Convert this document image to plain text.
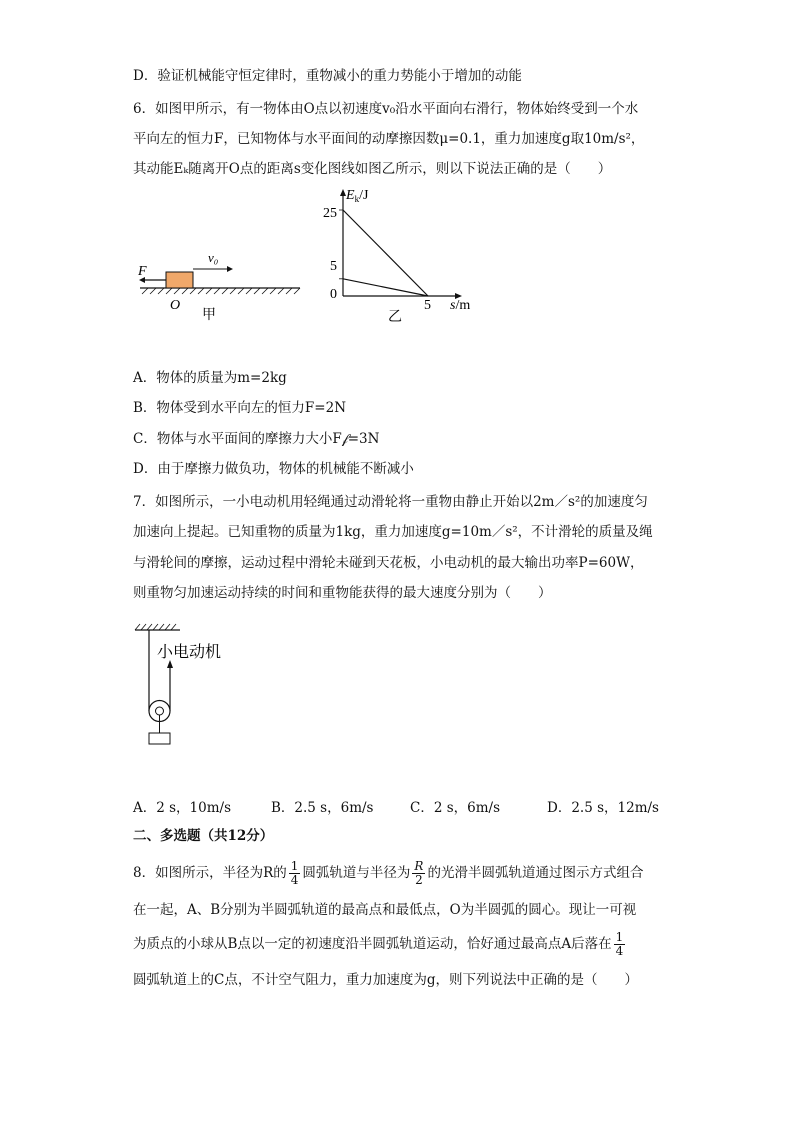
D．验证机械能守恒定律时，重物减小的重力势能小于增加的动能
6．如图甲所示，有一物体由O点以初速度v₀沿水平面向右滑行，物体始终受到一个水
平向左的恒力F，已知物体与水平面间的动摩擦因数μ=0.1，重力加速度g取10m/s²，
其动能Eₖ随离开O点的距离s变化图线如图乙所示，则以下说法正确的是（　　）
F
v₀
O
甲
$E_k/J$
25
5
0
5 s/m
乙
A．物体的质量为m=2kg
B．物体受到水平向左的恒力F=2N
C．物体与水平面间的摩擦力大小F𝒻=3N
D．由于摩擦力做负功，物体的机械能不断减小
7．如图所示，一小电动机用轻绳通过动滑轮将一重物由静止开始以2m／s²的加速度匀
加速向上提起。已知重物的质量为1kg，重力加速度g=10m／s²，不计滑轮的质量及绳
与滑轮间的摩擦，运动过程中滑轮未碰到天花板，小电动机的最大输出功率P=60W，
则重物匀加速运动持续的时间和重物能获得的最大速度分别为（　　）
小电动机
A．2 s，10m/s	B．2.5 s，6m/s	C．2 s，6m/s	D．2.5 s，12m/s
二、多选题（共12分）
8．如图所示，半径为R的 $\frac{1}{4}$ 圆弧轨道与半径为 $\frac{R}{2}$ 的光滑半圆弧轨道通过图示方式组合
在一起，A、B分别为半圆弧轨道的最高点和最低点，O为半圆弧的圆心。现让一可视
为质点的小球从B点以一定的初速度沿半圆弧轨道运动，恰好通过最高点A后落在 $\frac{1}{4}$
圆弧轨道上的C点，不计空气阻力，重力加速度为g，则下列说法中正确的是（　　）
